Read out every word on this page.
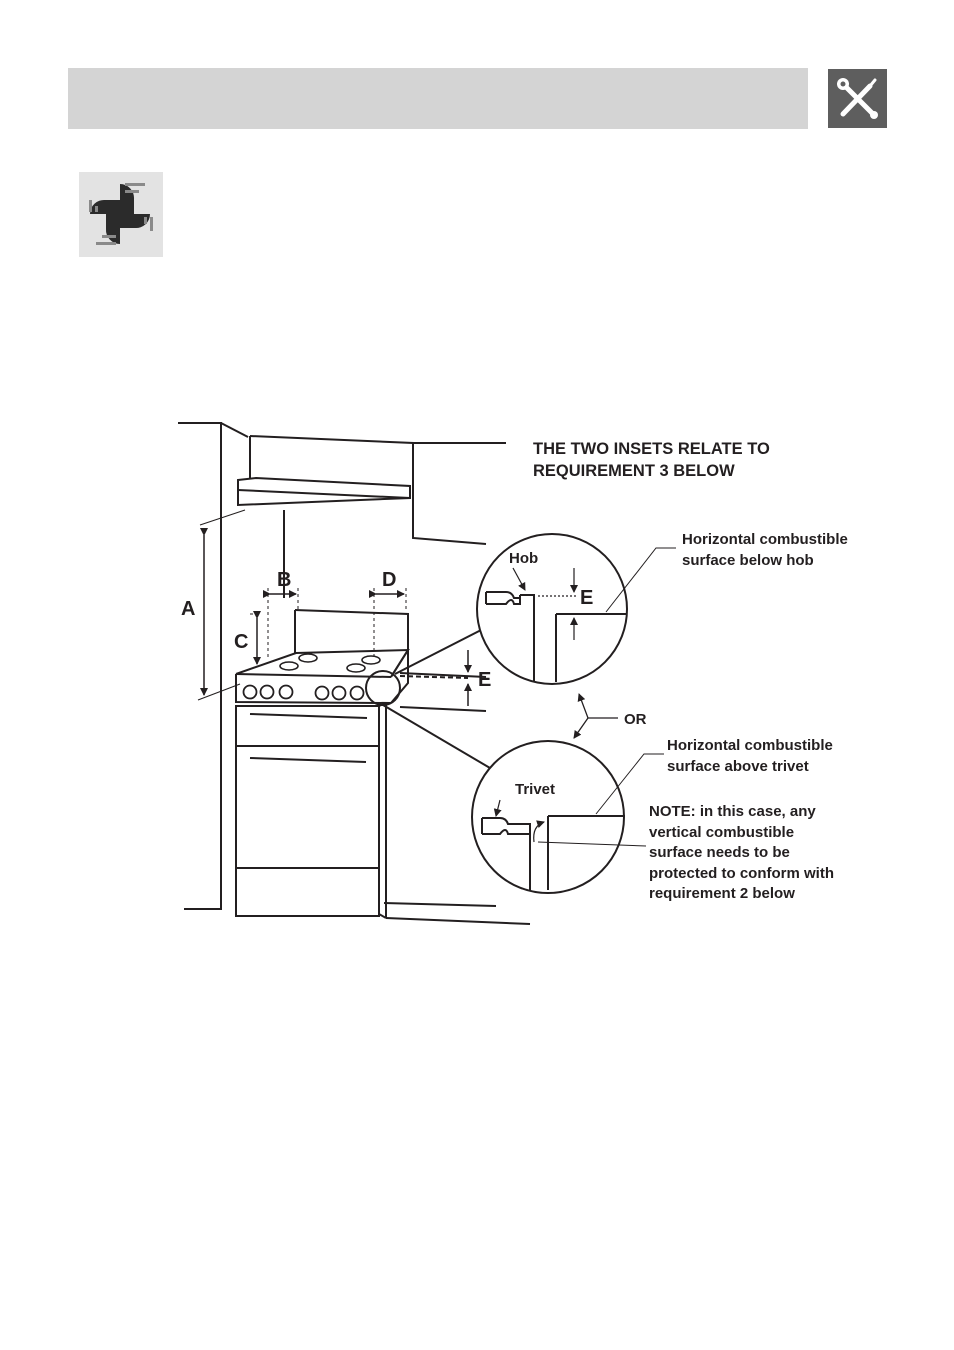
THE TWO INSETS RELATE TO
REQUIREMENT 3 BELOW
A
B
C
D
E
Hob
E
Horizontal combustible
surface below hob
OR
Horizontal combustible
surface above trivet
Trivet
NOTE: in this case, any
vertical combustible
surface needs to be
protected to conform with
requirement 2 below
